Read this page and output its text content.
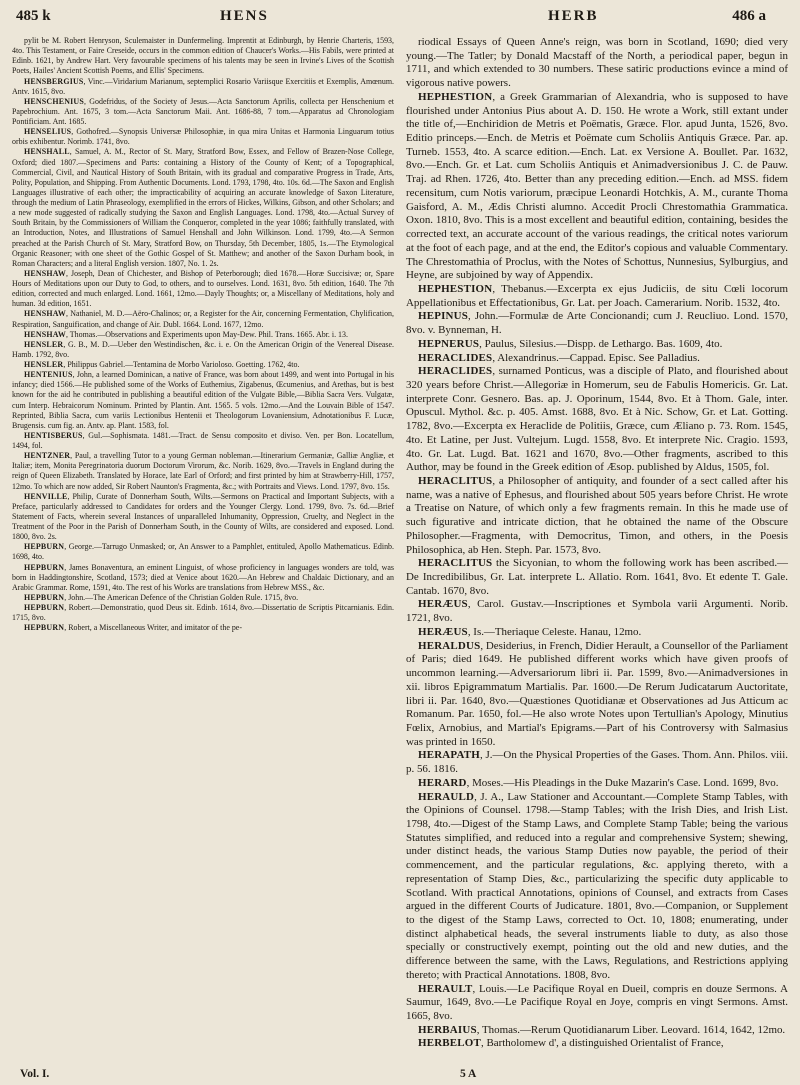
485 k	HENS	HERB	486 a

pylit be M. Robert Henryson, Sculemaister in Dunfermeling. Imprentit at Edinburgh, by Henrie Charteris, 1593, 4to. This Testament, or Faire Creseide, occurs in the common edition of Chaucer's Works.—His Fabils, were printed at Edinb. 1621, by Andrew Hart. Very favourable specimens of his talents may be seen in Irvine's Lives of the Scottish Poets, Hailes' Ancient Scottish Poems, and Ellis' Specimens.

HENSBERGIUS, Vinc.—Viridarium Marianum, septemplici Rosario Variisque Exercitiis et Exemplis, Amœnum. Antv. 1615, 8vo.

HENSCHENIUS, Godefridus, of the Society of Jesus.—Acta Sanctorum Aprilis, collecta per Henschenium et Papebrochium. Ant. 1675, 3 tom.—Acta Sanctorum Maii. Ant. 1686-88, 7 tom.—Apparatus ad Chronologiam Pontificiam. Ant. 1685.

HENSELIUS, Gothofred.—Synopsis Universæ Philosophiæ, in qua mira Unitas et Harmonia Linguarum totius orbis exhibentur. Norimb. 1741, 8vo.

HENSHALL, Samuel, A. M., Rector of St. Mary, Stratford Bow, Essex, and Fellow of Brazen-Nose College, Oxford; died 1807.—Specimens and Parts: containing a History of the County of Kent; of a Topographical, Commercial, Civil, and Nautical History of South Britain, with its gradual and comparative Progress in Trade, Arts, Polity, Population, and Shipping. From Authentic Documents. Lond. 1793, 1798, 4to. 10s. 6d.—The Saxon and English Languages illustrative of each other; the impracticability of acquiring an accurate knowledge of Saxon Literature, through the medium of Latin Phraseology, exemplified in the errors of Hickes, Wilkins, Gibson, and other Scholars; and a new mode suggested of radically studying the Saxon and English Languages. Lond. 1798, 4to.—Actual Survey of South Britain, by the Commissioners of William the Conqueror, completed in the year 1086; faithfully translated, with an Introduction, Notes, and Illustrations of Samuel Henshall and John Wilkinson. Lond. 1799, 4to.—A Sermon preached at the Parish Church of St. Mary, Stratford Bow, on Thursday, 5th December, 1805, 1s.—The Etymological Organic Reasoner; with one sheet of the Gothic Gospel of St. Matthew; and another of the Saxon Durham book, in Roman Characters; and a literal English version. 1807, No. 1. 2s.

HENSHAW, Joseph, Dean of Chichester, and Bishop of Peterborough; died 1678.—Horæ Succisivæ; or, Spare Hours of Meditations upon our Duty to God, to others, and to ourselves. Lond. 1631, 8vo. 5th edition, 1640. The 7th edition, corrected and much enlarged. Lond. 1661, 12mo.—Dayly Thoughts; or, a Miscellany of Meditations, holy and human. 3d edition, 1651.

HENSHAW, Nathaniel, M. D.—Aëro-Chalinos; or, a Register for the Air, concerning Fermentation, Chylification, Respiration, Sanguification, and change of Air. Dubl. 1664. Lond. 1677, 12mo.

HENSHAW, Thomas.—Observations and Experiments upon May-Dew. Phil. Trans. 1665. Abr. i. 13.

HENSLER, G. B., M. D.—Ueber den Westindischen, &c. i. e. On the American Origin of the Venereal Disease. Hamb. 1792, 8vo.

HENSLER, Philippus Gabriel.—Tentamina de Morbo Varioloso. Goetting. 1762, 4to.

HENTENIUS, John, a learned Dominican, a native of France, was born about 1499, and went into Portugal in his infancy; died 1566.—He published some of the Works of Euthemius, Zigabenus, Œcumenius, and Arethas, but is best known for the aid he contributed in publishing a beautiful edition of the Vulgate Bible,—Biblia Sacra Vers. Vulgatæ, cum Interp. Hebraicorum Nominum. Printed by Plantin. Ant. 1565. 5 vols. 12mo.—And the Louvain Bible of 1547. Reprinted, Biblia Sacra, cum variis Lectionibus Hentenii et Theologorum Lovaniensium, Adnotationibus F. Lucæ, Brugensis. cum fig. an. Antv. ap. Plant. 1583, fol.

HENTISBERUS, Gul.—Sophismata. 1481.—Tract. de Sensu composito et diviso. Ven. per Bon. Locatellum, 1494, fol.

HENTZNER, Paul, a travelling Tutor to a young German nobleman.—Itinerarium Germaniæ, Galliæ Angliæ, et Italiæ; item, Monita Peregrinatoria duorum Doctorum Virorum, &c. Norib. 1629, 8vo.—Travels in England during the reign of Queen Elizabeth. Translated by Horace, late Earl of Orford; and first printed by him at Strawberry-Hill, 1757, 12mo. To which are now added, Sir Robert Naunton's Fragmenta, &c.; with Portraits and Views. Lond. 1797, 8vo. 15s.

HENVILLE, Philip, Curate of Donnerham South, Wilts.—Sermons on Practical and Important Subjects, with a Preface, particularly addressed to Candidates for orders and the Younger Clergy. Lond. 1799, 8vo. 7s. 6d.—Brief Statement of Facts, wherein several Instances of unparalleled Inhumanity, Oppression, Cruelty, and Neglect in the Treatment of the Poor in the Parish of Donnerham South, in the County of Wilts, are considered and exposed. Lond. 1800, 8vo. 2s.

HEPBURN, George.—Tarrugo Unmasked; or, An Answer to a Pamphlet, entituled, Apollo Mathematicus. Edinb. 1698, 4to.

HEPBURN, James Bonaventura, an eminent Linguist, of whose proficiency in languages wonders are told, was born in Haddingtonshire, Scotland, 1573; died at Venice about 1620.—An Hebrew and Chaldaic Dictionary, and an Arabic Grammar. Rome, 1591, 4to. The rest of his Works are translations from Hebrew MSS., &c.

HEPBURN, John.—The American Defence of the Christian Golden Rule. 1715, 8vo.

HEPBURN, Robert.—Demonstratio, quod Deus sit. Edinb. 1614, 8vo.—Dissertatio de Scriptis Pitcarnianis. Edin. 1715, 8vo.

HEPBURN, Robert, a Miscellaneous Writer, and imitator of the pe-

riodical Essays of Queen Anne's reign, was born in Scotland, 1690; died very young.—The Tatler; by Donald Macstaff of the North, a periodical paper, begun in 1711, and which extended to 30 numbers. These satiric productions evince a mind of vigorous native powers.

HEPHESTION, a Greek Grammarian of Alexandria, who is supposed to have flourished under Antonius Pius about A. D. 150. He wrote a Work, still extant under the title of,—Enchiridion de Metris et Poëmatis, Græce. Flor. apud Junta, 1526, 8vo. Editio princeps.—Ench. de Metris et Poëmate cum Scholiis Antiquis Græce. Par. ap. Turneb. 1553, 4to. A scarce edition.—Ench. Lat. ex Versione A. Boullet. Par. 1632, 8vo.—Ench. Gr. et Lat. cum Scholiis Antiquis et Animadversionibus J. C. de Pauw. Traj. ad Rhen. 1726, 4to. Better than any preceding edition.—Ench. ad MSS. fidem recensitum, cum Notis variorum, præcipue Leonardi Hotchkis, A. M., curante Thoma Gaisford, A. M., Ædis Christi alumno. Accedit Procli Chrestomathia Grammatica. Oxon. 1810, 8vo. This is a most excellent and beautiful edition, containing, besides the corrected text, an accurate account of the various readings, the critical notes variorum at the foot of each page, and at the end, the Editor's copious and valuable Commentary. The Chrestomathia of Proclus, with the Notes of Schottus, Nunnesius, Sylburgius, and Heyne, are subjoined by way of Appendix.

HEPHESTION, Thebanus.—Excerpta ex ejus Judiciis, de situ Cœli locorum Appellationibus et Effectationibus, Gr. Lat. per Joach. Camerarium. Norib. 1532, 4to.

HEPINUS, John.—Formulæ de Arte Concionandi; cum J. Reucliuo. Lond. 1570, 8vo. v. Bynneman, H.

HEPNERUS, Paulus, Silesius.—Dispp. de Lethargo. Bas. 1609, 4to.

HERACLIDES, Alexandrinus.—Cappad. Episc. See Palladius.

HERACLIDES, surnamed Ponticus, was a disciple of Plato, and flourished about 320 years before Christ.—Allegoriæ in Homerum, seu de Fabulis Homericis. Gr. Lat. interprete Conr. Gesnero. Bas. ap. J. Oporinum, 1544, 8vo. Et à Thom. Gale, inter. Opuscul. Mythol. &c. p. 405. Amst. 1688, 8vo. Et à Nic. Schow, Gr. et Lat. Gotting. 1782, 8vo.—Excerpta ex Heraclide de Politiis, Græce, cum Æliano p. 73. Rom. 1545, 4to. Et Latine, per Just. Vultejum. Lugd. 1558, 8vo. Et interprete Nic. Cragio. 1593, 4to. Gr. Lat. Lugd. Bat. 1621 and 1670, 8vo.—Other fragments, ascribed to this Author, may be found in the Greek edition of Æsop. published by Aldus, 1505, fol.

HERACLITUS, a Philosopher of antiquity, and founder of a sect called after his name, was a native of Ephesus, and flourished about 505 years before Christ. He wrote a Treatise on Nature, of which only a few fragments remain. In this he made use of such figurative and intricate diction, that he obtained the name of the Obscure Philosopher.—Fragmenta, with Democritus, Timon, and others, in the Poesis Philosophica, ab Hen. Steph. Par. 1573, 8vo.

HERACLITUS the Sicyonian, to whom the following work has been ascribed.—De Incredibilibus, Gr. Lat. interprete L. Allatio. Rom. 1641, 8vo. Et edente T. Gale. Cantab. 1670, 8vo.

HERÆUS, Carol. Gustav.—Inscriptiones et Symbola varii Argumenti. Norib. 1721, 8vo.

HERÆUS, Is.—Theriaque Celeste. Hanau, 12mo.

HERALDUS, Desiderius, in French, Didier Herault, a Counsellor of the Parliament of Paris; died 1649. He published different works which have given proofs of uncommon learning.—Adversariorum libri ii. Par. 1599, 8vo.—Animadversiones in xii. libros Epigrammatum Martialis. Par. 1600.—De Rerum Judicatarum Auctoritate, libri ii. Par. 1640, 8vo.—Quæstiones Quotidianæ et Observationes ad Jus Atticum ac Romanum. Par. 1650, fol.—He also wrote Notes upon Tertullian's Apology, Minutius Fœlix, Arnobius, and Martial's Epigrams.—Part of his Controversy with Salmasius was printed in 1650.

HERAPATH, J.—On the Physical Properties of the Gases. Thom. Ann. Philos. viii. p. 56. 1816.

HERARD, Moses.—His Pleadings in the Duke Mazarin's Case. Lond. 1699, 8vo.

HERAULD, J. A., Law Stationer and Accountant.—Complete Stamp Tables, with the Opinions of Counsel. 1798.—Stamp Tables; with the Irish Dies, and Irish List. 1798, 4to.—Digest of the Stamp Laws, and Complete Stamp Table; being the various Statutes simplified, and reduced into a regular and comprehensive System; shewing, under distinct heads, the various Stamp Duties now payable, the period of their commencement, and the particular regulations, &c. applying thereto, with a representation of Stamp Dies, &c., particularizing the specific duty applicable to Scotland. With practical Annotations, opinions of Counsel, and extracts from Cases argued in the different Courts of Judicature. 1801, 8vo.—Companion, or Supplement to the digest of the Stamp Laws, corrected to Oct. 10, 1808; enumerating, under distinct alphabetical heads, the several instruments liable to duty, as also those specially or constructively exempt, pointing out the old and new duties, and the difference between the same, with the Laws, Regulations, and Restrictions applying thereto; with Practical Annotations. 1808, 8vo.

HERAULT, Louis.—Le Pacifique Royal en Dueil, compris en douze Sermons. A Saumur, 1649, 8vo.—Le Pacifique Royal en Joye, compris en vingt Sermons. Amst. 1665, 8vo.

HERBAIUS, Thomas.—Rerum Quotidianarum Liber. Leovard. 1614, 1642, 12mo.

HERBELOT, Bartholomew d', a distinguished Orientalist of France,

Vol. I.	5 A
